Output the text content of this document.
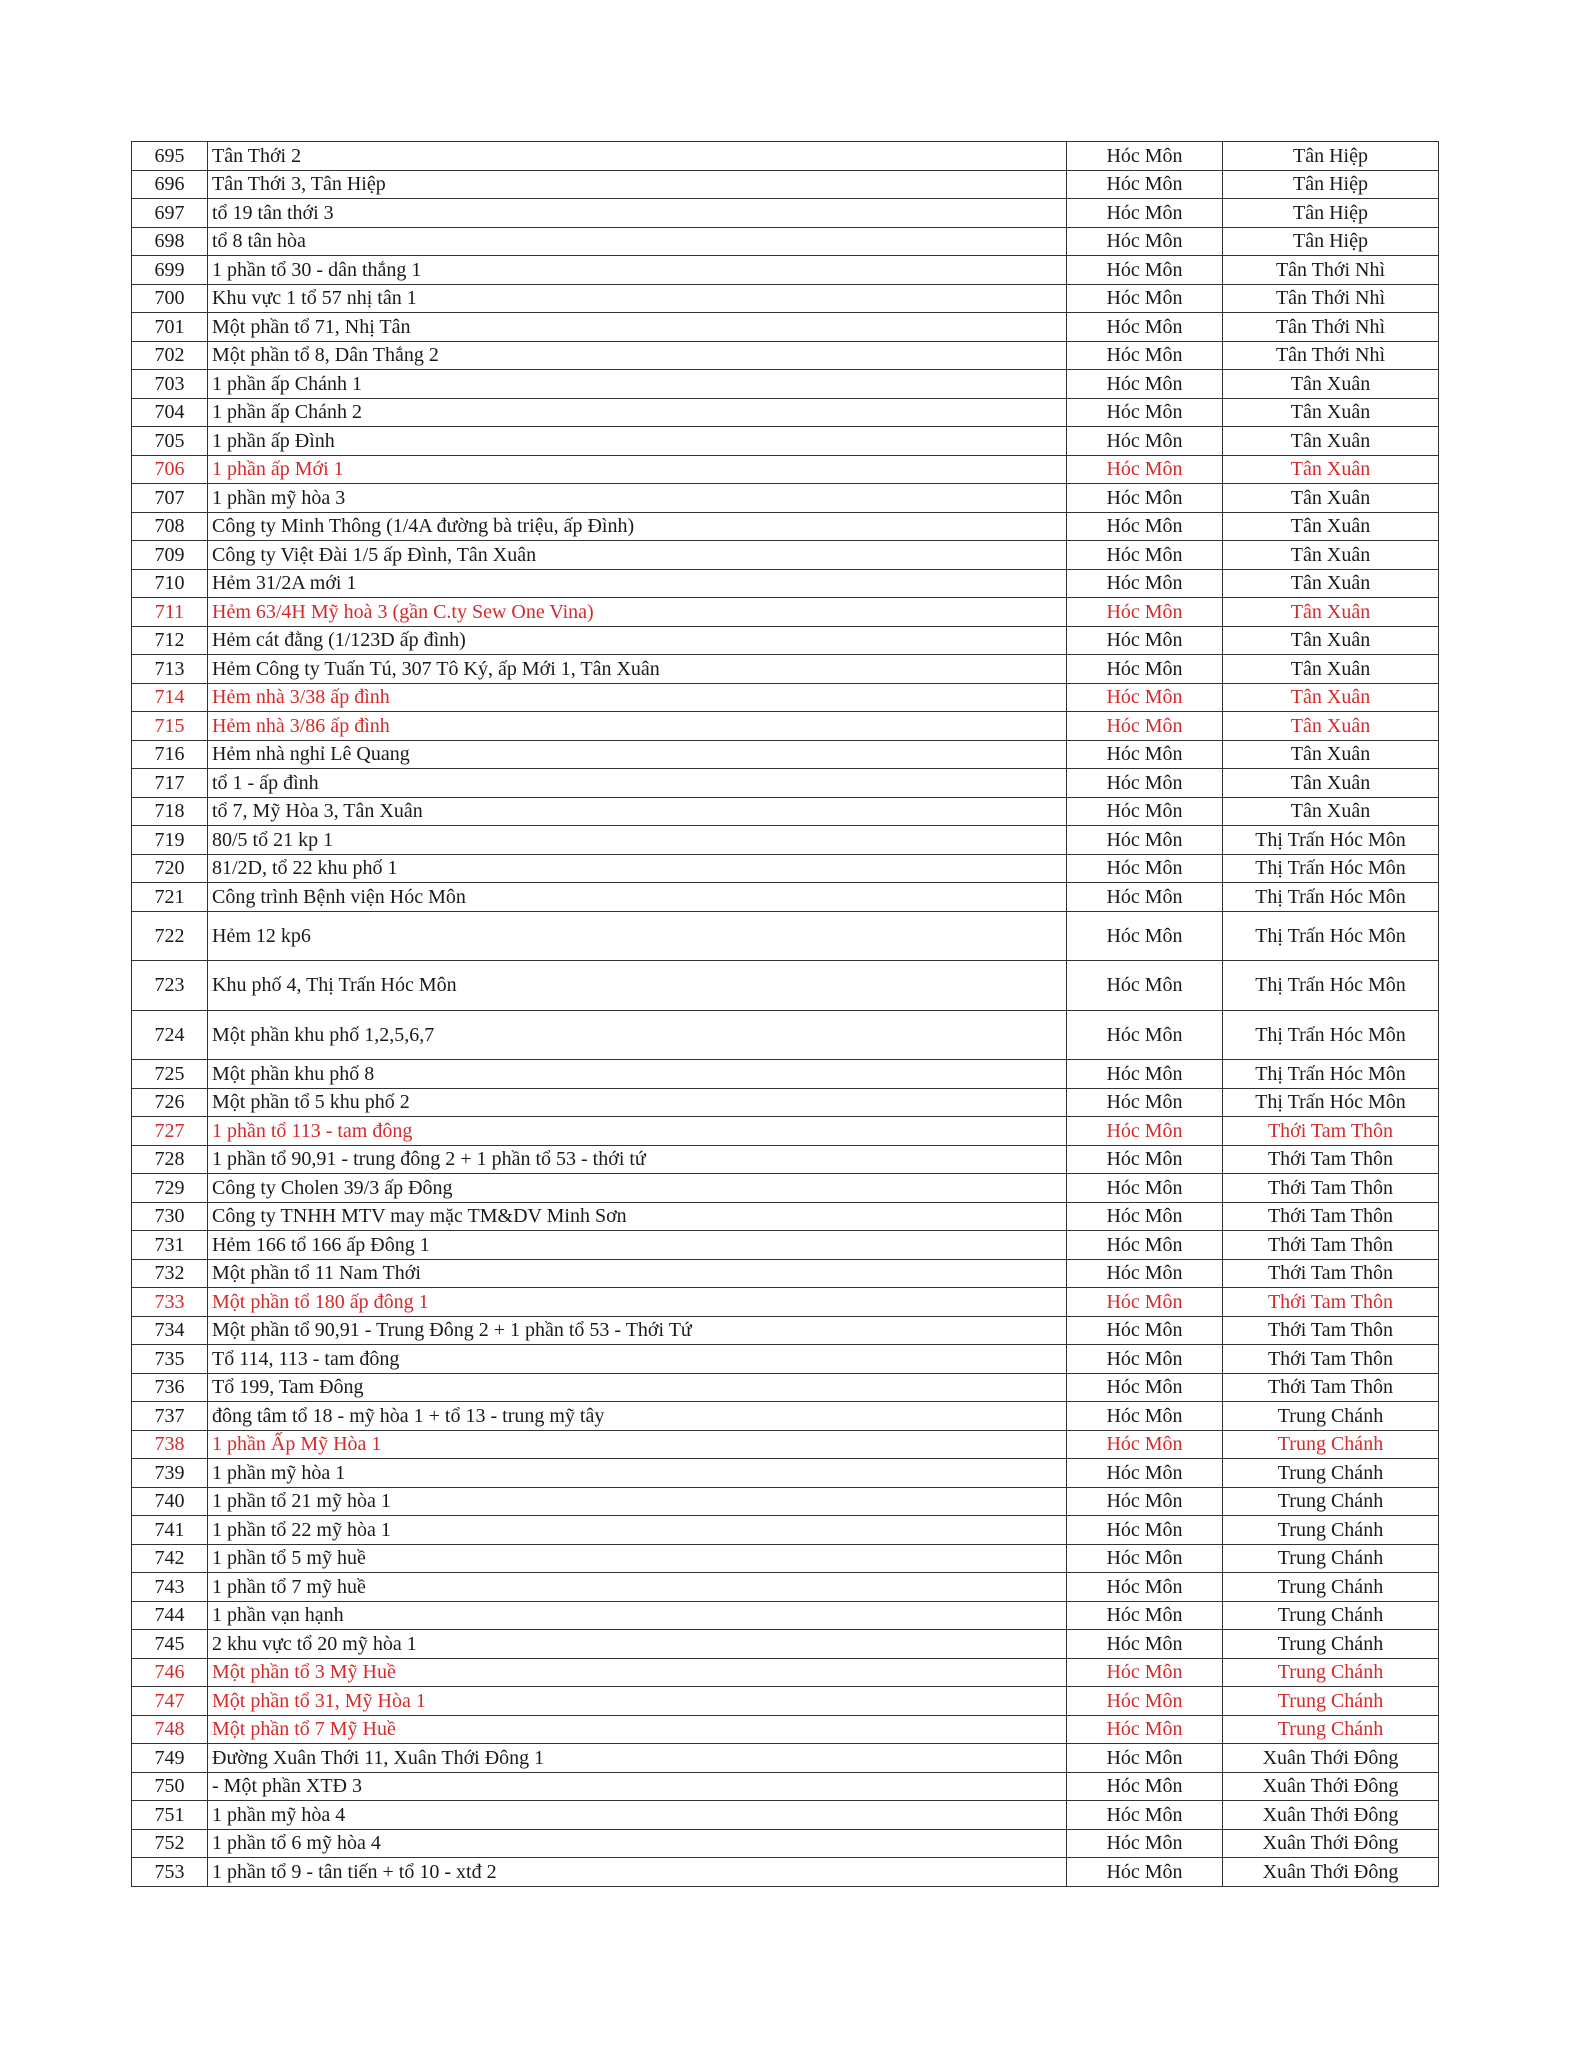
695	Tân Thới 2	Hóc Môn	Tân Hiệp
696	Tân Thới 3, Tân Hiệp	Hóc Môn	Tân Hiệp
697	tổ 19 tân thới 3	Hóc Môn	Tân Hiệp
698	tổ 8 tân hòa	Hóc Môn	Tân Hiệp
699	1 phần tổ 30 - dân thắng 1	Hóc Môn	Tân Thới Nhì
700	Khu vực 1 tổ 57 nhị tân 1	Hóc Môn	Tân Thới Nhì
701	Một phần tổ 71, Nhị Tân	Hóc Môn	Tân Thới Nhì
702	Một phần tổ 8, Dân Thắng 2	Hóc Môn	Tân Thới Nhì
703	1 phần ấp Chánh 1	Hóc Môn	Tân Xuân
704	1 phần ấp Chánh 2	Hóc Môn	Tân Xuân
705	1 phần ấp Đình	Hóc Môn	Tân Xuân
706	1 phần ấp Mới 1	Hóc Môn	Tân Xuân
707	1 phần mỹ hòa 3	Hóc Môn	Tân Xuân
708	Công ty Minh Thông (1/4A đường bà triệu, ấp Đình)	Hóc Môn	Tân Xuân
709	Công ty Việt Đài 1/5 ấp Đình, Tân Xuân	Hóc Môn	Tân Xuân
710	Hẻm 31/2A mới 1	Hóc Môn	Tân Xuân
711	Hẻm 63/4H Mỹ hoà 3 (gần C.ty Sew One Vina)	Hóc Môn	Tân Xuân
712	Hẻm cát đằng (1/123D ấp đình)	Hóc Môn	Tân Xuân
713	Hẻm Công ty Tuấn Tú, 307 Tô Ký, ấp Mới 1, Tân Xuân	Hóc Môn	Tân Xuân
714	Hẻm nhà 3/38 ấp đình	Hóc Môn	Tân Xuân
715	Hẻm nhà 3/86 ấp đình	Hóc Môn	Tân Xuân
716	Hẻm nhà nghỉ Lê Quang	Hóc Môn	Tân Xuân
717	tổ 1 - ấp đình	Hóc Môn	Tân Xuân
718	tổ 7, Mỹ Hòa 3, Tân Xuân	Hóc Môn	Tân Xuân
719	80/5 tổ 21 kp 1	Hóc Môn	Thị Trấn Hóc Môn
720	81/2D, tổ 22 khu phố 1	Hóc Môn	Thị Trấn Hóc Môn
721	Công trình Bệnh viện Hóc Môn	Hóc Môn	Thị Trấn Hóc Môn
722	Hẻm 12 kp6	Hóc Môn	Thị Trấn Hóc Môn
723	Khu phố 4, Thị Trấn Hóc Môn	Hóc Môn	Thị Trấn Hóc Môn
724	Một phần khu phố 1,2,5,6,7	Hóc Môn	Thị Trấn Hóc Môn
725	Một phần khu phố 8	Hóc Môn	Thị Trấn Hóc Môn
726	Một phần tổ 5 khu phố 2	Hóc Môn	Thị Trấn Hóc Môn
727	1 phần tổ 113 - tam đông	Hóc Môn	Thới Tam Thôn
728	1 phần tổ 90,91 - trung đông 2 + 1 phần tổ 53 - thới tứ	Hóc Môn	Thới Tam Thôn
729	Công ty Cholen 39/3 ấp Đông	Hóc Môn	Thới Tam Thôn
730	Công ty TNHH MTV may mặc TM&DV Minh Sơn	Hóc Môn	Thới Tam Thôn
731	Hẻm 166 tổ 166 ấp Đông 1	Hóc Môn	Thới Tam Thôn
732	Một phần tổ 11 Nam Thới	Hóc Môn	Thới Tam Thôn
733	Một phần tổ 180 ấp đông 1	Hóc Môn	Thới Tam Thôn
734	Một phần tổ 90,91 - Trung Đông 2 + 1 phần tổ 53 - Thới Tứ	Hóc Môn	Thới Tam Thôn
735	Tổ 114, 113 - tam đông	Hóc Môn	Thới Tam Thôn
736	Tổ 199, Tam Đông	Hóc Môn	Thới Tam Thôn
737	đông tâm tổ 18 - mỹ hòa 1 + tổ 13 - trung mỹ tây	Hóc Môn	Trung Chánh
738	1 phần Ấp Mỹ Hòa 1	Hóc Môn	Trung Chánh
739	1 phần mỹ hòa 1	Hóc Môn	Trung Chánh
740	1 phần tổ 21 mỹ hòa 1	Hóc Môn	Trung Chánh
741	1 phần tổ 22 mỹ hòa 1	Hóc Môn	Trung Chánh
742	1 phần tổ 5 mỹ huề	Hóc Môn	Trung Chánh
743	1 phần tổ 7 mỹ huề	Hóc Môn	Trung Chánh
744	1 phần vạn hạnh	Hóc Môn	Trung Chánh
745	2 khu vực tổ 20 mỹ hòa 1	Hóc Môn	Trung Chánh
746	Một phần tổ 3 Mỹ Huề	Hóc Môn	Trung Chánh
747	Một phần tổ 31, Mỹ Hòa 1	Hóc Môn	Trung Chánh
748	Một phần tổ 7 Mỹ Huề	Hóc Môn	Trung Chánh
749	Đường Xuân Thới 11, Xuân Thới Đông 1	Hóc Môn	Xuân Thới Đông
750	- Một phần XTĐ 3	Hóc Môn	Xuân Thới Đông
751	1 phần mỹ hòa 4	Hóc Môn	Xuân Thới Đông
752	1 phần tổ 6 mỹ hòa 4	Hóc Môn	Xuân Thới Đông
753	1 phần tổ 9 - tân tiến + tổ 10 - xtđ 2	Hóc Môn	Xuân Thới Đông
